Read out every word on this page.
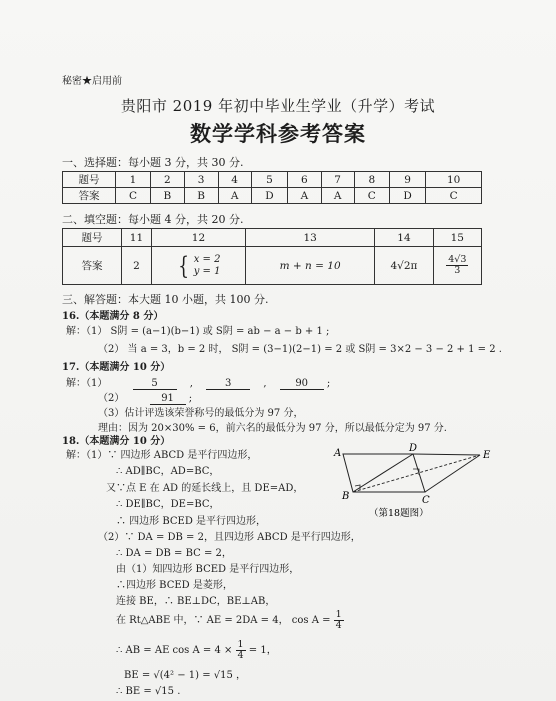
秘密★启用前
贵阳市 2019 年初中毕业生学业（升学）考试
数学学科参考答案
一、选择题：每小题 3 分，共 30 分.
题号	1	2	3	4	5	6	7	8	9	10
答案	C	B	B	A	D	A	A	C	D	C
二、填空题：每小题 4 分，共 20 分.
题号	11	12	13	14	15
答案	2	{ x = 2
y = 1	m + n = 10	4√2π	$\frac{4√3}{3}$
三、解答题：本大题 10 小题，共 100 分.
16.（本题满分 8 分）
解：（1） S阴 = (a−1)(b−1) 或 S阴 = ab − a − b + 1 ;
（2） 当 a = 3，b = 2 时， S阴 = (3−1)(2−1) = 2 或 S阴 = 3×2 − 3 − 2 + 1 = 2 .
17.（本题满分 10 分）
解：（1）	5	,	3	,	90 ;
（2）	91 ;
（3）估计评选该荣誉称号的最低分为 97 分，
理由：因为 20×30% = 6，前六名的最低分为 97 分，所以最低分定为 97 分.
18.（本题满分 10 分）
解：（1）∵ 四边形 ABCD 是平行四边形，
∴ AD∥BC，AD=BC，
又∵点 E 在 AD 的延长线上，且 DE=AD，
∴ DE∥BC，DE=BC，
∴ 四边形 BCED 是平行四边形，
（2）∵ DA = DB = 2，且四边形 ABCD 是平行四边形，
∴ DA = DB = BC = 2，
由（1）知四边形 BCED 是平行四边形，
∴四边形 BCED 是菱形，
连接 BE，∴ BE⊥DC，BE⊥AB，
在 Rt△ABE 中，∵ AE = 2DA = 4， $\cos A = \frac{1}{4}$
∴ AB = AE $\cos A = 4 \times \frac{1}{4} = 1$，
BE = √(4² − 1) = √15 ，
∴ BE = √15 .
A	D
E
B	C
（第18题图）
